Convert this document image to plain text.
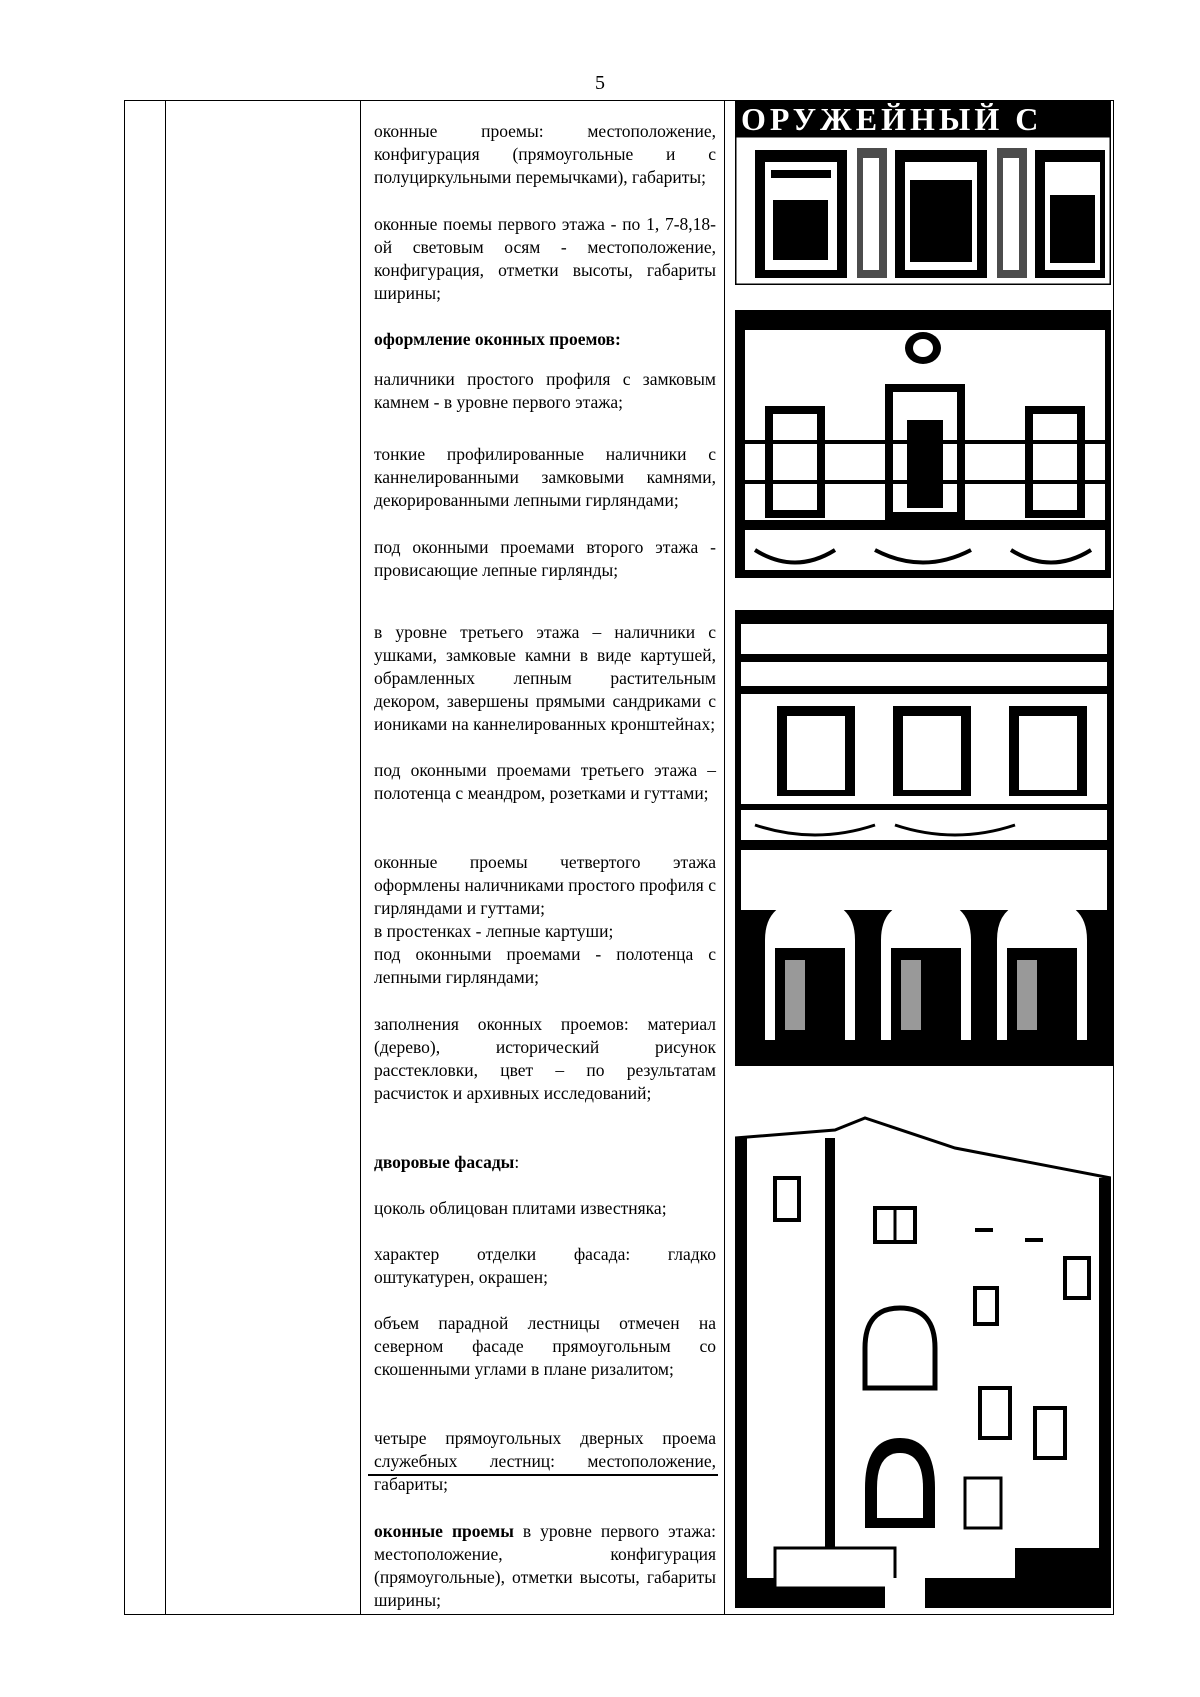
5

оконные проемы: местоположение, конфигурация (прямоугольные и с полуциркульными перемычками), габариты;

оконные поемы первого этажа - по 1, 7-8,18-ой световым осям - местоположение, конфигурация, отметки высоты, габариты ширины;

оформление оконных проемов:

наличники простого профиля с замковым камнем - в уровне первого этажа;

тонкие профилированные наличники с каннелированными замковыми камнями, декорированными лепными гирляндами;

под оконными проемами второго этажа - провисающие лепные гирлянды;

в уровне третьего этажа – наличники с ушками, замковые камни в виде картушей, обрамленных лепным растительным декором, завершены прямыми сандриками с иониками на каннелированных кронштейнах;

под оконными проемами третьего этажа – полотенца с меандром, розетками и гуттами;

оконные проемы четвертого этажа оформлены наличниками простого профиля с гирляндами и гуттами;

в простенках - лепные картуши;

под оконными проемами - полотенца с лепными гирляндами;

заполнения оконных проемов: материал (дерево), исторический рисунок расстекловки, цвет – по результатам расчисток и архивных исследований;

дворовые фасады:

цоколь облицован плитами известняка;

характер отделки фасада: гладко оштукатурен, окрашен;

объем парадной лестницы отмечен на северном фасаде прямоугольным со скошенными углами в плане ризалитом;

четыре прямоугольных дверных проема служебных лестниц: местоположение, габариты;

оконные проемы в уровне первого этажа: местоположение, конфигурация (прямоугольные), отметки высоты, габариты ширины;

ОРУЖЕЙНЫЙ С
